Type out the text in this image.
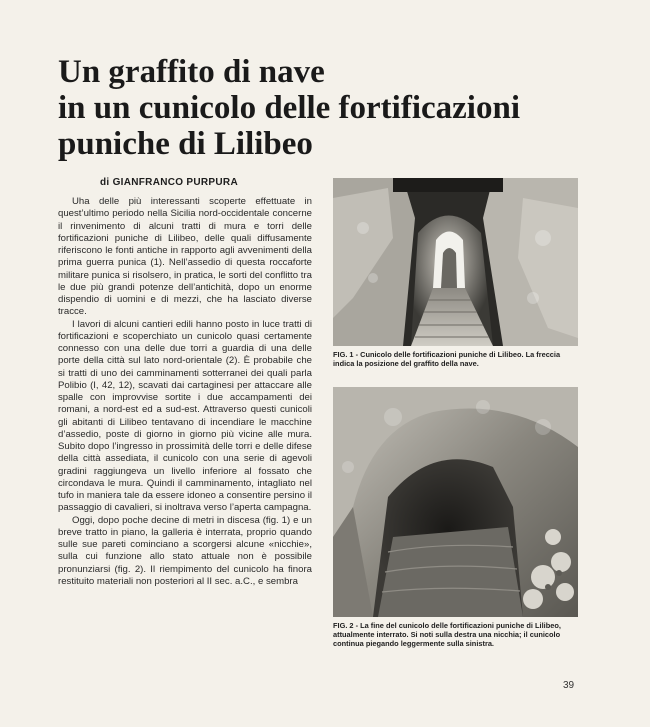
Un graffito di nave
in un cunicolo delle fortificazioni
puniche di Lilibeo
di GIANFRANCO PURPURA

Uha delle più interessanti scoperte effettuate in quest’ultimo periodo nella Sicilia nord-occidentale concerne il rinvenimento di alcuni tratti di mura e torri delle fortificazioni puniche di Lilibeo, delle quali diffusamente riferiscono le fonti antiche in rapporto agli avvenimenti della prima guerra punica (1). Nell’assedio di questa roccaforte militare punica si risolsero, in pratica, le sorti del conflitto tra le due più grandi potenze dell’antichità, dopo un enorme dispendio di uomini e di mezzi, che ha lasciato diverse tracce.

I lavori di alcuni cantieri edili hanno posto in luce tratti di fortificazioni e scoperchiato un cunicolo quasi certamente connesso con una delle due torri a guardia di una delle porte della città sul lato nord-orientale (2). È probabile che si tratti di uno dei camminamenti sotterranei dei quali parla Polibio (I, 42, 12), scavati dai cartaginesi per attaccare alle spalle con improvvise sortite i due accampamenti dei romani, a nord-est ed a sud-est. Attraverso questi cunicoli gli abitanti di Lilibeo tentavano di incendiare le macchine d’assedio, poste di giorno in giorno più vicine alle mura. Subito dopo l’ingresso in prossimità delle torri e delle difese della città assediata, il cunicolo con una serie di agevoli gradini raggiungeva un livello inferiore al fossato che circondava le mura. Quindi il camminamento, intagliato nel tufo in maniera tale da essere idoneo a consentire persino il passaggio di cavalieri, si inoltrava verso l’aperta campagna.

Oggi, dopo poche decine di metri in discesa (fig. 1) e un breve tratto in piano, la galleria è interrata, proprio quando sulle sue pareti cominciano a scorgersi alcune «nicchie», sulla cui funzione allo stato attuale non è possibile pronunziarsi (fig. 2). Il riempimento del cunicolo ha finora restituito materiali non posteriori al II sec. a.C., e sembra

FIG. 1 - Cunicolo delle fortificazioni puniche di Lilibeo. La freccia indica la posizione del graffito della nave.
FIG. 2 - La fine del cunicolo delle fortificazioni puniche di Lilibeo, attualmente interrato. Si noti sulla destra una nicchia; il cunicolo continua piegando leggermente sulla sinistra.
39
